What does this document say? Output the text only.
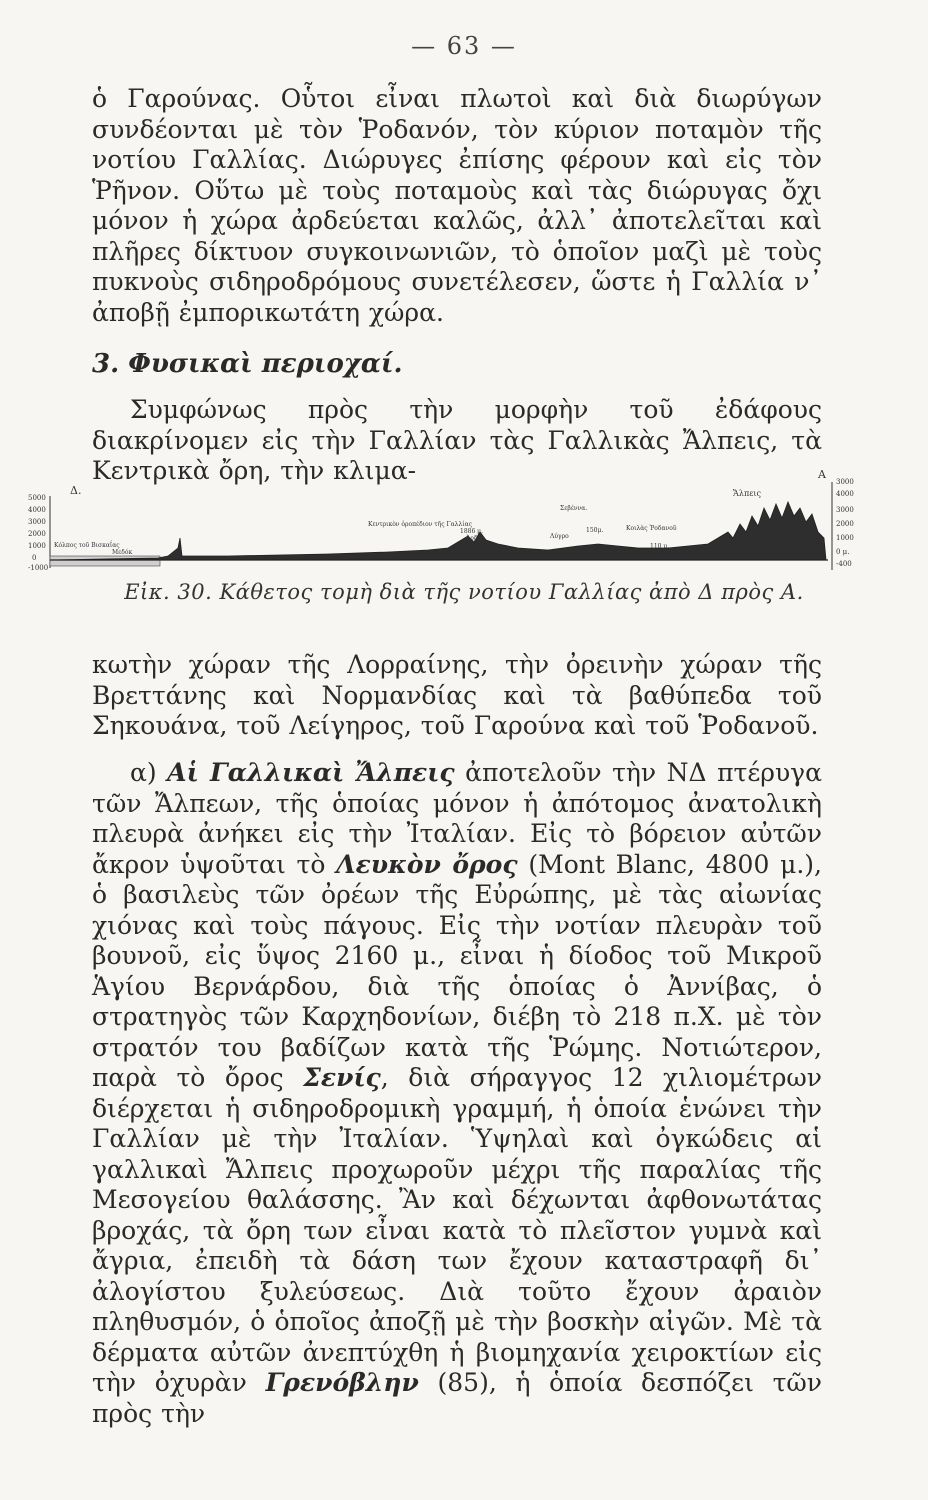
— 63 —
ὁ Γαρούνας. Οὗτοι εἶναι πλωτοὶ καὶ διὰ διωρύγων συνδέονται μὲ τὸν Ῥοδανόν, τὸν κύριον ποταμὸν τῆς νοτίου Γαλλίας. Διώρυγες ἐπίσης φέρουν καὶ εἰς τὸν Ῥῆνον. Οὕτω μὲ τοὺς ποταμοὺς καὶ τὰς διώρυγας ὄχι μόνον ἡ χώρα ἀρδεύεται καλῶς, ἀλλ᾽ ἀποτελεῖται καὶ πλῆρες δίκτυον συγκοινωνιῶν, τὸ ὁποῖον μαζὶ μὲ τοὺς πυκνοὺς σιδηροδρόμους συνετέλεσεν, ὥστε ἡ Γαλλία ν᾽ ἀποβῇ ἐμπορικωτάτη χώρα.
3. Φυσικαὶ περιοχαί.
Συμφώνως πρὸς τὴν μορφὴν τοῦ ἐδάφους διακρίνομεν εἰς τὴν Γαλλίαν τὰς Γαλλικὰς Ἄλπεις, τὰ Κεντρικὰ ὄρη, τὴν κλιμα-
5000
4000
3000
2000
1000
0
-1000
Δ.
Α
Κόλπος τοῦ Βισκαΐας
Μεδόκ
Κεντρικὸν ὀροπέδιον τῆς Γαλλίας
1886 μ.
Σεβέννα.
Ἀρδὲρ	Λύγρο
150μ.	Κοιλὰς Ῥοδανοῦ
110 μ.
Ἄλπεις
3000
4000
3000
2000
1000
0 μ.
-400
Εἰκ. 30. Κάθετος τομὴ διὰ τῆς νοτίου Γαλλίας ἀπὸ Δ πρὸς Α.
κωτὴν χώραν τῆς Λορραίνης, τὴν ὀρεινὴν χώραν τῆς Βρεττάνης καὶ Νορμανδίας καὶ τὰ βαθύπεδα τοῦ Σηκουάνα, τοῦ Λείγηρος, τοῦ Γαρούνα καὶ τοῦ Ῥοδανοῦ.
α) Αἱ Γαλλικαὶ Ἄλπεις ἀποτελοῦν τὴν ΝΔ πτέρυγα τῶν Ἄλπεων, τῆς ὁποίας μόνον ἡ ἀπότομος ἀνατολικὴ πλευρὰ ἀνήκει εἰς τὴν Ἰταλίαν. Εἰς τὸ βόρειον αὐτῶν ἄκρον ὑψοῦται τὸ Λευκὸν ὄρος (Mont Blanc, 4800 μ.), ὁ βασιλεὺς τῶν ὀρέων τῆς Εὐρώπης, μὲ τὰς αἰωνίας χιόνας καὶ τοὺς πάγους. Εἰς τὴν νοτίαν πλευρὰν τοῦ βουνοῦ, εἰς ὕψος 2160 μ., εἶναι ἡ δίοδος τοῦ Μικροῦ Ἁγίου Βερνάρδου, διὰ τῆς ὁποίας ὁ Ἀννίβας, ὁ στρατηγὸς τῶν Καρχηδονίων, διέβη τὸ 218 π.Χ. μὲ τὸν στρατόν του βαδίζων κατὰ τῆς Ῥώμης. Νοτιώτερον, παρὰ τὸ ὄρος Σενίς, διὰ σήραγγος 12 χιλιομέτρων διέρχεται ἡ σιδηροδρομικὴ γραμμή, ἡ ὁποία ἑνώνει τὴν Γαλλίαν μὲ τὴν Ἰταλίαν. Ὑψηλαὶ καὶ ὀγκώδεις αἱ γαλλικαὶ Ἄλπεις προχωροῦν μέχρι τῆς παραλίας τῆς Μεσογείου θαλάσσης. Ἂν καὶ δέχωνται ἀφθονωτάτας βροχάς, τὰ ὄρη των εἶναι κατὰ τὸ πλεῖστον γυμνὰ καὶ ἄγρια, ἐπειδὴ τὰ δάση των ἔχουν καταστραφῆ δι᾽ ἀλογίστου ξυλεύσεως. Διὰ τοῦτο ἔχουν ἀραιὸν πληθυσμόν, ὁ ὁποῖος ἀποζῇ μὲ τὴν βοσκὴν αἰγῶν. Μὲ τὰ δέρματα αὐτῶν ἀνεπτύχθη ἡ βιομηχανία χειροκτίων εἰς τὴν ὀχυρὰν Γρενόβλην (85), ἡ ὁποία δεσπόζει τῶν πρὸς τὴν
